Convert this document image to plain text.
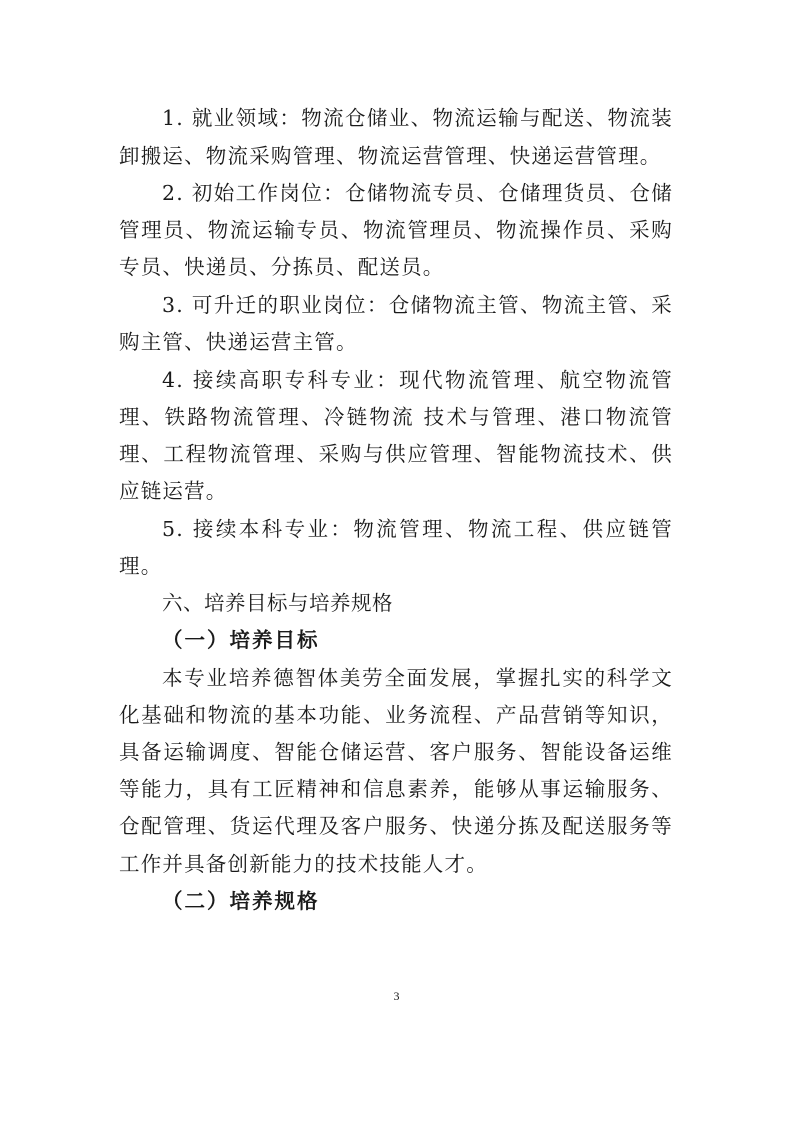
1. 就业领域：物流仓储业、物流运输与配送、物流装
卸搬运、物流采购管理、物流运营管理、快递运营管理。
2. 初始工作岗位：仓储物流专员、仓储理货员、仓储
管理员、物流运输专员、物流管理员、物流操作员、采购
专员、快递员、分拣员、配送员。
3. 可升迁的职业岗位：仓储物流主管、物流主管、采
购主管、快递运营主管。
4. 接续高职专科专业：现代物流管理、航空物流管
理、铁路物流管理、冷链物流 技术与管理、港口物流管
理、工程物流管理、采购与供应管理、智能物流技术、供
应链运营。
5. 接续本科专业：物流管理、物流工程、供应链管
理。
六、培养目标与培养规格
（一）培养目标
本专业培养德智体美劳全面发展，掌握扎实的科学文
化基础和物流的基本功能、业务流程、产品营销等知识，
具备运输调度、智能仓储运营、客户服务、智能设备运维
等能力，具有工匠精神和信息素养，能够从事运输服务、
仓配管理、货运代理及客户服务、快递分拣及配送服务等
工作并具备创新能力的技术技能人才。
（二）培养规格
3
